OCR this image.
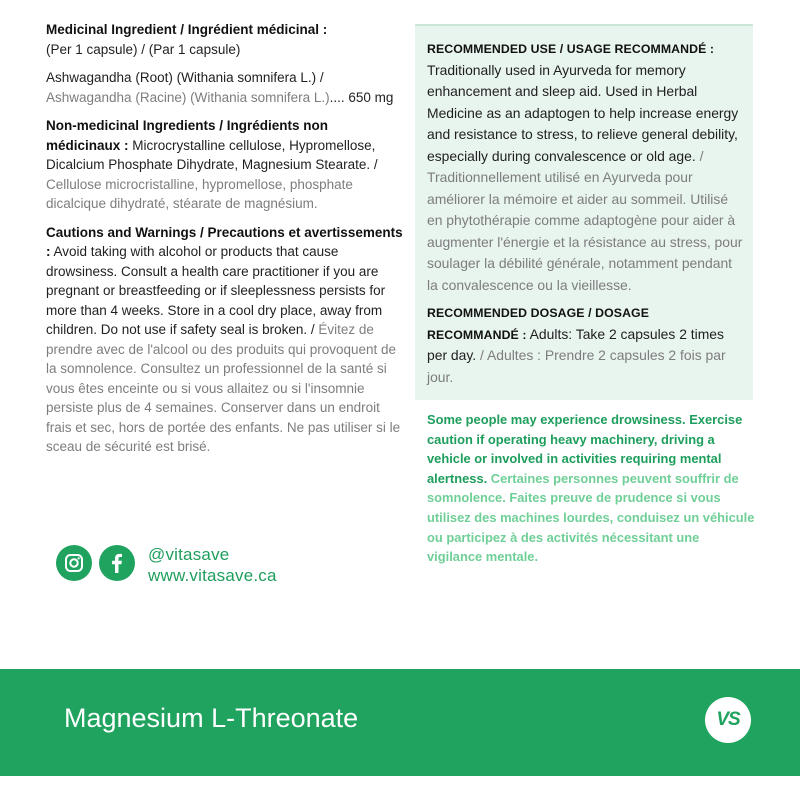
Medicinal Ingredient / Ingrédient médicinal :

(Per 1 capsule) / (Par 1 capsule)

Ashwagandha (Root) (Withania somnifera L.) /

Ashwagandha (Racine) (Withania somnifera L.).... 650 mg

Non-medicinal Ingredients / Ingrédients non médicinaux : Microcrystalline cellulose, Hypromellose, Dicalcium Phosphate Dihydrate, Magnesium Stearate. / Cellulose microcristalline, hypromellose, phosphate dicalcique dihydraté, stéarate de magnésium.

Cautions and Warnings / Precautions et avertissements : Avoid taking with alcohol or products that cause drowsiness. Consult a health care practitioner if you are pregnant or breastfeeding or if sleeplessness persists for more than 4 weeks. Store in a cool dry place, away from children. Do not use if safety seal is broken. / Évitez de prendre avec de l'alcool ou des produits qui provoquent de la somnolence. Consultez un professionnel de la santé si vous êtes enceinte ou si vous allaitez ou si l'insomnie persiste plus de 4 semaines. Conserver dans un endroit frais et sec, hors de portée des enfants. Ne pas utiliser si le sceau de sécurité est brisé.

RECOMMENDED USE / USAGE RECOMMANDÉ :

Traditionally used in Ayurveda for memory enhancement and sleep aid. Used in Herbal Medicine as an adaptogen to help increase energy and resistance to stress, to relieve general debility, especially during convalescence or old age. / Traditionnellement utilisé en Ayurveda pour améliorer la mémoire et aider au sommeil. Utilisé en phytothérapie comme adaptogène pour aider à augmenter l'énergie et la résistance au stress, pour soulager la débilité générale, notamment pendant la convalescence ou la vieillesse.

RECOMMENDED DOSAGE / DOSAGE RECOMMANDÉ : Adults: Take 2 capsules 2 times per day. / Adultes : Prendre 2 capsules 2 fois par jour.

Some people may experience drowsiness. Exercise caution if operating heavy machinery, driving a vehicle or involved in activities requiring mental alertness. Certaines personnes peuvent souffrir de somnolence. Faites preuve de prudence si vous utilisez des machines lourdes, conduisez un véhicule ou participez à des activités nécessitant une vigilance mentale.
@vitasave
www.vitasave.ca
Magnesium L-Threonate	VS
